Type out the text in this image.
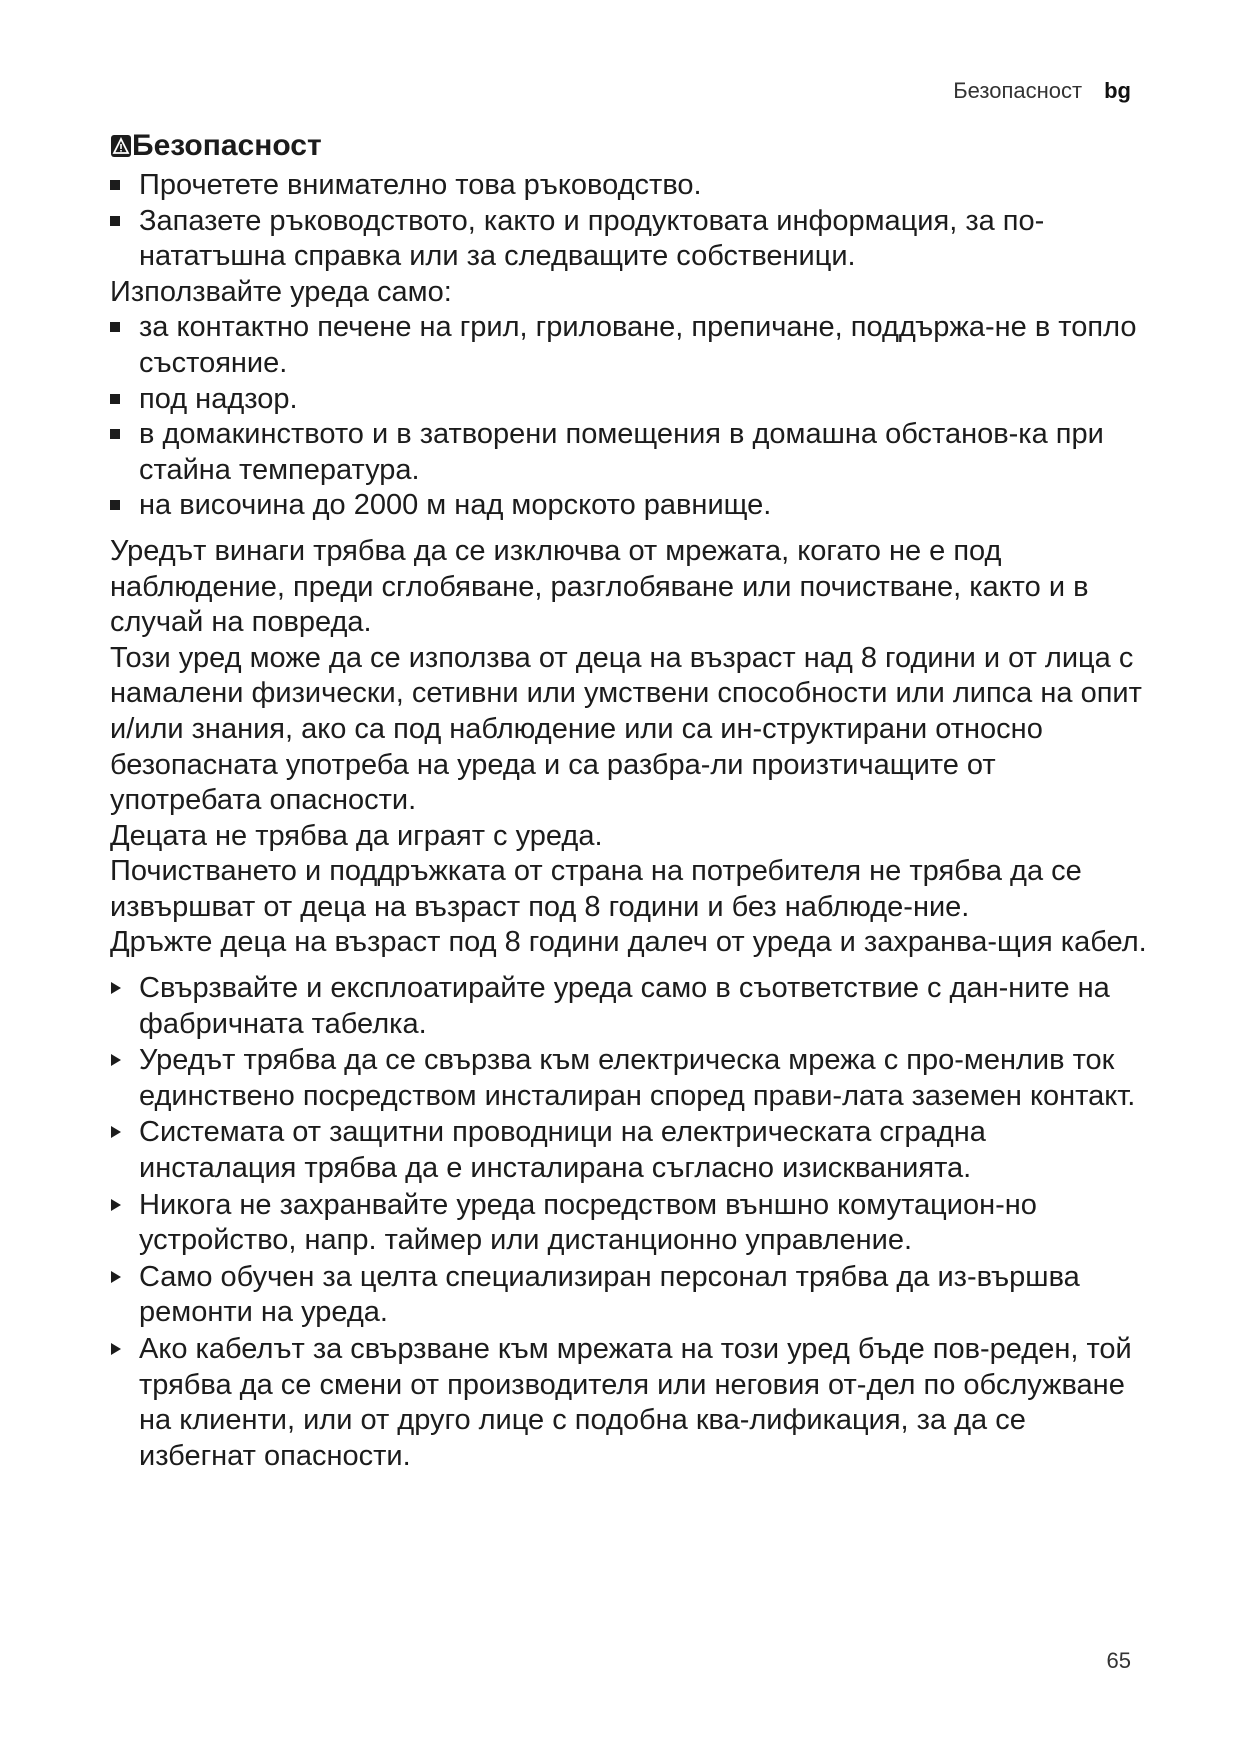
Безопасност bg
Безопасност
Прочетете внимателно това ръководство.
Запазете ръководството, както и продуктовата информация, за по-нататъшна справка или за следващите собственици.

Използвайте уреда само:

за контактно печене на грил, гриловане, препичане, поддържа-не в топло състояние.
под надзор.
в домакинството и в затворени помещения в домашна обстанов-ка при стайна температура.
на височина до 2000 м над морското равнище.

Уредът винаги трябва да се изключва от мрежата, когато не е под наблюдение, преди сглобяване, разглобяване или почистване, както и в случай на повреда.

Този уред може да се използва от деца на възраст над 8 години и от лица с намалени физически, сетивни или умствени способности или липса на опит и/или знания, ако са под наблюдение или са ин-структирани относно безопасната употреба на уреда и са разбра-ли произтичащите от употребата опасности.

Децата не трябва да играят с уреда.

Почистването и поддръжката от страна на потребителя не трябва да се извършват от деца на възраст под 8 години и без наблюде-ние.

Дръжте деца на възраст под 8 години далеч от уреда и захранва-щия кабел.

Свързвайте и експлоатирайте уреда само в съответствие с дан-ните на фабричната табелка.
Уредът трябва да се свързва към електрическа мрежа с про-менлив ток единствено посредством инсталиран според прави-лата заземен контакт.
Системата от защитни проводници на електрическата сградна инсталация трябва да е инсталирана съгласно изискванията.
Никога не захранвайте уреда посредством външно комутацион-но устройство, напр. таймер или дистанционно управление.
Само обучен за целта специализиран персонал трябва да из-вършва ремонти на уреда.
Ако кабелът за свързване към мрежата на този уред бъде пов-реден, той трябва да се смени от производителя или неговия от-дел по обслужване на клиенти, или от друго лице с подобна ква-лификация, за да се избегнат опасности.
65
